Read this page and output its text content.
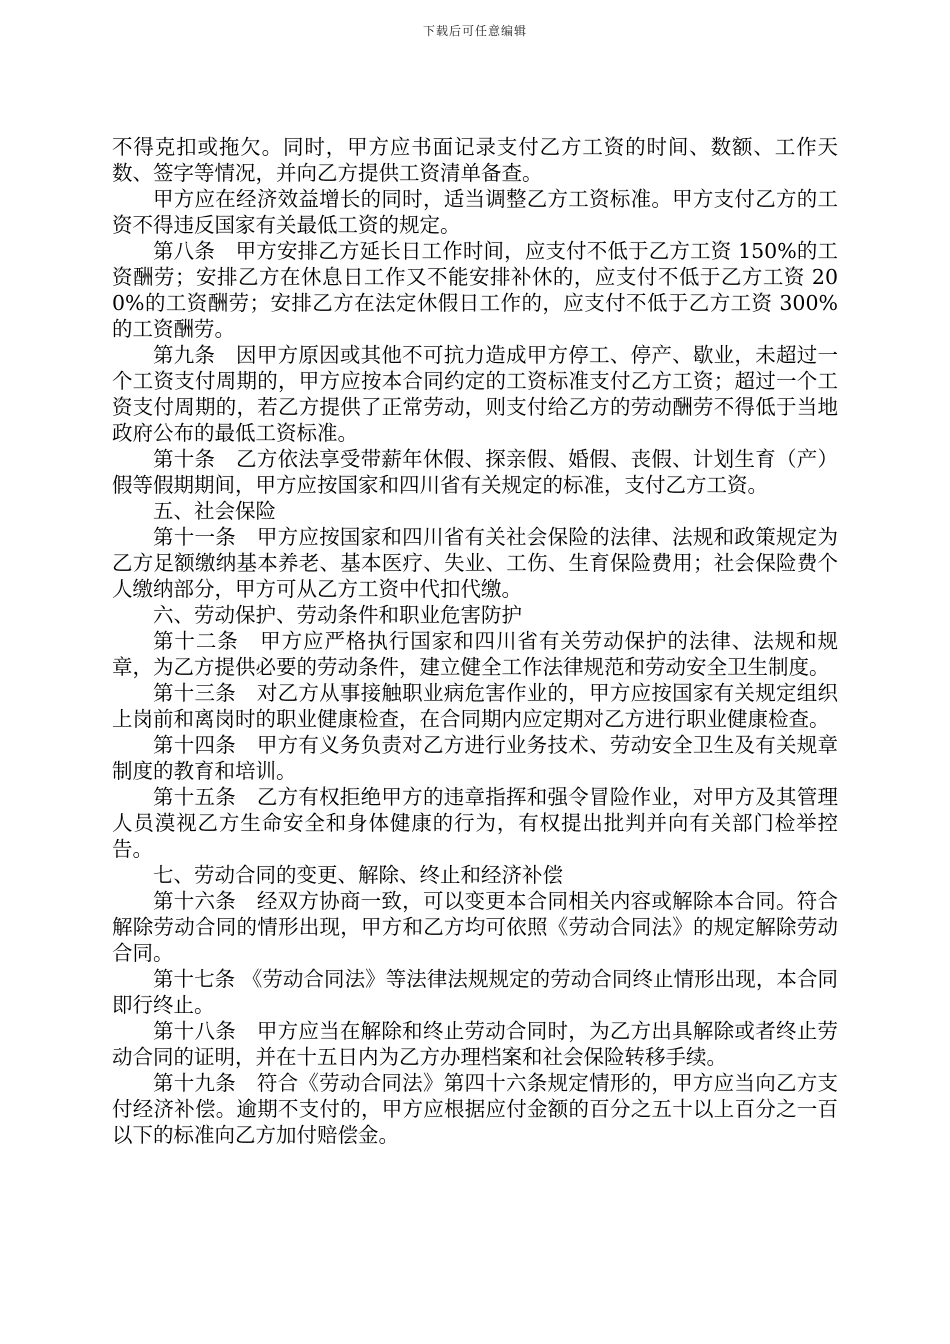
下载后可任意编辑

不得克扣或拖欠。同时，甲方应书面记录支付乙方工资的时间、数额、工作天数、签字等情况，并向乙方提供工资清单备查。

甲方应在经济效益增长的同时，适当调整乙方工资标准。甲方支付乙方的工资不得违反国家有关最低工资的规定。

第八条　甲方安排乙方延长日工作时间，应支付不低于乙方工资 150%的工资酬劳；安排乙方在休息日工作又不能安排补休的，应支付不低于乙方工资 200%的工资酬劳；安排乙方在法定休假日工作的，应支付不低于乙方工资 300%的工资酬劳。

第九条　因甲方原因或其他不可抗力造成甲方停工、停产、歇业，未超过一个工资支付周期的，甲方应按本合同约定的工资标准支付乙方工资；超过一个工资支付周期的，若乙方提供了正常劳动，则支付给乙方的劳动酬劳不得低于当地政府公布的最低工资标准。

第十条　乙方依法享受带薪年休假、探亲假、婚假、丧假、计划生育（产）假等假期期间，甲方应按国家和四川省有关规定的标准，支付乙方工资。

五、社会保险

第十一条　甲方应按国家和四川省有关社会保险的法律、法规和政策规定为乙方足额缴纳基本养老、基本医疗、失业、工伤、生育保险费用；社会保险费个人缴纳部分，甲方可从乙方工资中代扣代缴。

六、劳动保护、劳动条件和职业危害防护

第十二条　甲方应严格执行国家和四川省有关劳动保护的法律、法规和规章，为乙方提供必要的劳动条件，建立健全工作法律规范和劳动安全卫生制度。

第十三条　对乙方从事接触职业病危害作业的，甲方应按国家有关规定组织上岗前和离岗时的职业健康检查，在合同期内应定期对乙方进行职业健康检查。

第十四条　甲方有义务负责对乙方进行业务技术、劳动安全卫生及有关规章制度的教育和培训。

第十五条　乙方有权拒绝甲方的违章指挥和强令冒险作业，对甲方及其管理人员漠视乙方生命安全和身体健康的行为，有权提出批判并向有关部门检举控告。

七、劳动合同的变更、解除、终止和经济补偿

第十六条　经双方协商一致，可以变更本合同相关内容或解除本合同。符合解除劳动合同的情形出现，甲方和乙方均可依照《劳动合同法》的规定解除劳动合同。

第十七条 《劳动合同法》等法律法规规定的劳动合同终止情形出现，本合同即行终止。

第十八条　甲方应当在解除和终止劳动合同时，为乙方出具解除或者终止劳动合同的证明，并在十五日内为乙方办理档案和社会保险转移手续。

第十九条　符合《劳动合同法》第四十六条规定情形的，甲方应当向乙方支付经济补偿。逾期不支付的，甲方应根据应付金额的百分之五十以上百分之一百以下的标准向乙方加付赔偿金。
